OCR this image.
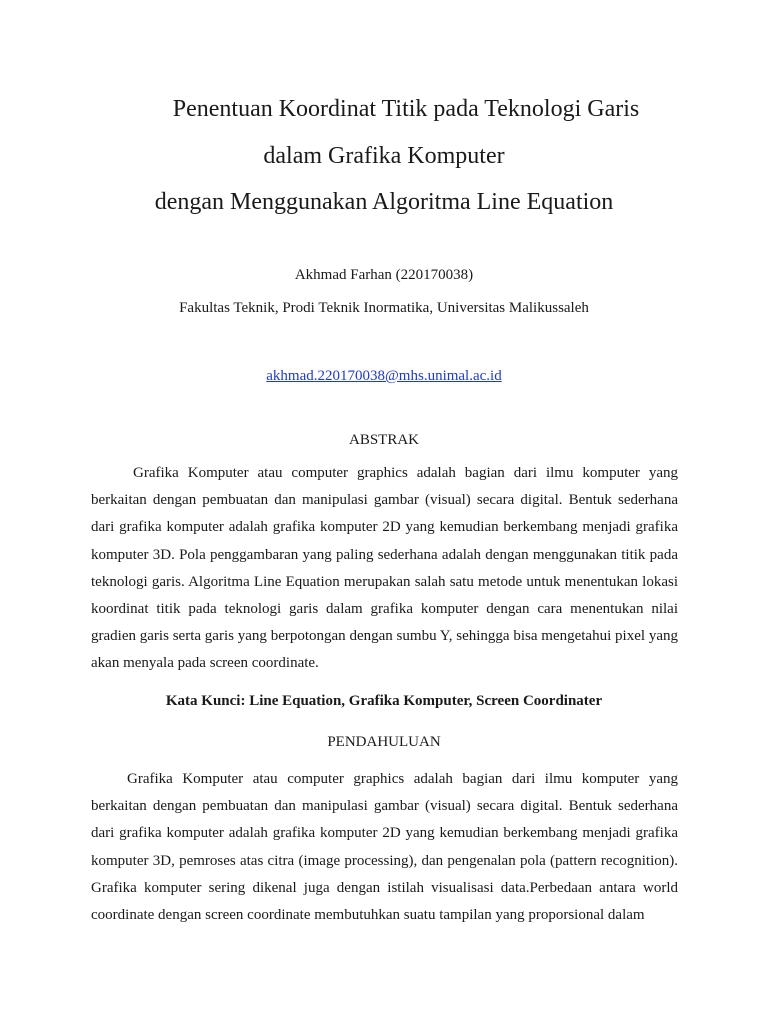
Penentuan Koordinat Titik pada Teknologi Garis
dalam Grafika Komputer
dengan Menggunakan Algoritma Line Equation
Akhmad Farhan (220170038)
Fakultas Teknik, Prodi Teknik Inormatika, Universitas Malikussaleh
akhmad.220170038@mhs.unimal.ac.id
ABSTRAK

Grafika Komputer atau computer graphics adalah bagian dari ilmu komputer yang berkaitan dengan pembuatan dan manipulasi gambar (visual) secara digital. Bentuk sederhana dari grafika komputer adalah grafika komputer 2D yang kemudian berkembang menjadi grafika komputer 3D. Pola penggambaran yang paling sederhana adalah dengan menggunakan titik pada teknologi garis. Algoritma Line Equation merupakan salah satu metode untuk menentukan lokasi koordinat titik pada teknologi garis dalam grafika komputer dengan cara menentukan nilai gradien garis serta garis yang berpotongan dengan sumbu Y, sehingga bisa mengetahui pixel yang akan menyala pada screen coordinate.

Kata Kunci: Line Equation, Grafika Komputer, Screen Coordinater
PENDAHULUAN

Grafika Komputer atau computer graphics adalah bagian dari ilmu komputer yang berkaitan dengan pembuatan dan manipulasi gambar (visual) secara digital. Bentuk sederhana dari grafika komputer adalah grafika komputer 2D yang kemudian berkembang menjadi grafika komputer 3D, pemroses atas citra (image processing), dan pengenalan pola (pattern recognition). Grafika komputer sering dikenal juga dengan istilah visualisasi data.Perbedaan antara world coordinate dengan screen coordinate membutuhkan suatu tampilan yang proporsional dalam
